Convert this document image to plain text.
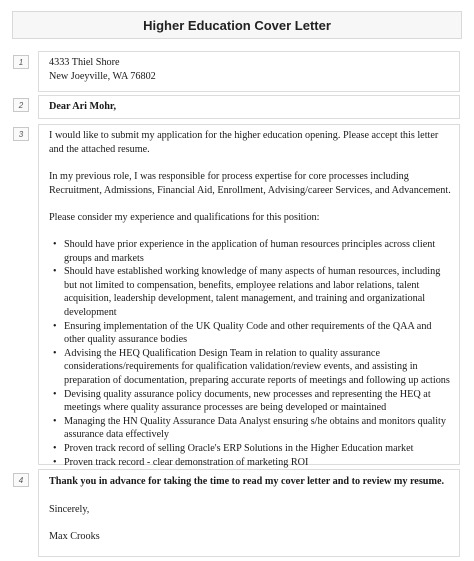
Higher Education Cover Letter
1	4333 Thiel Shore
New Joeyville, WA 76802
2	Dear Ari Mohr,
3	I would like to submit my application for the higher education opening. Please accept this letter and the attached resume.
In my previous role, I was responsible for process expertise for core processes including Recruitment, Admissions, Financial Aid, Enrollment, Advising/career Services, and Advancement.
Please consider my experience and qualifications for this position:
• Should have prior experience in the application of human resources principles across client groups and markets
• Should have established working knowledge of many aspects of human resources, including but not limited to compensation, benefits, employee relations and labor relations, talent acquisition, leadership development, talent management, and training and organizational development
• Ensuring implementation of the UK Quality Code and other requirements of the QAA and other quality assurance bodies
• Advising the HEQ Qualification Design Team in relation to quality assurance considerations/requirements for qualification validation/review events, and assisting in preparation of documentation, preparing accurate reports of meetings and following up actions
• Devising quality assurance policy documents, new processes and representing the HEQ at meetings where quality assurance processes are being developed or maintained
• Managing the HN Quality Assurance Data Analyst ensuring s/he obtains and monitors quality assurance data effectively
• Proven track record of selling Oracle's ERP Solutions in the Higher Education market
• Proven track record - clear demonstration of marketing ROI
4	Thank you in advance for taking the time to read my cover letter and to review my resume.
Sincerely,
Max Crooks
